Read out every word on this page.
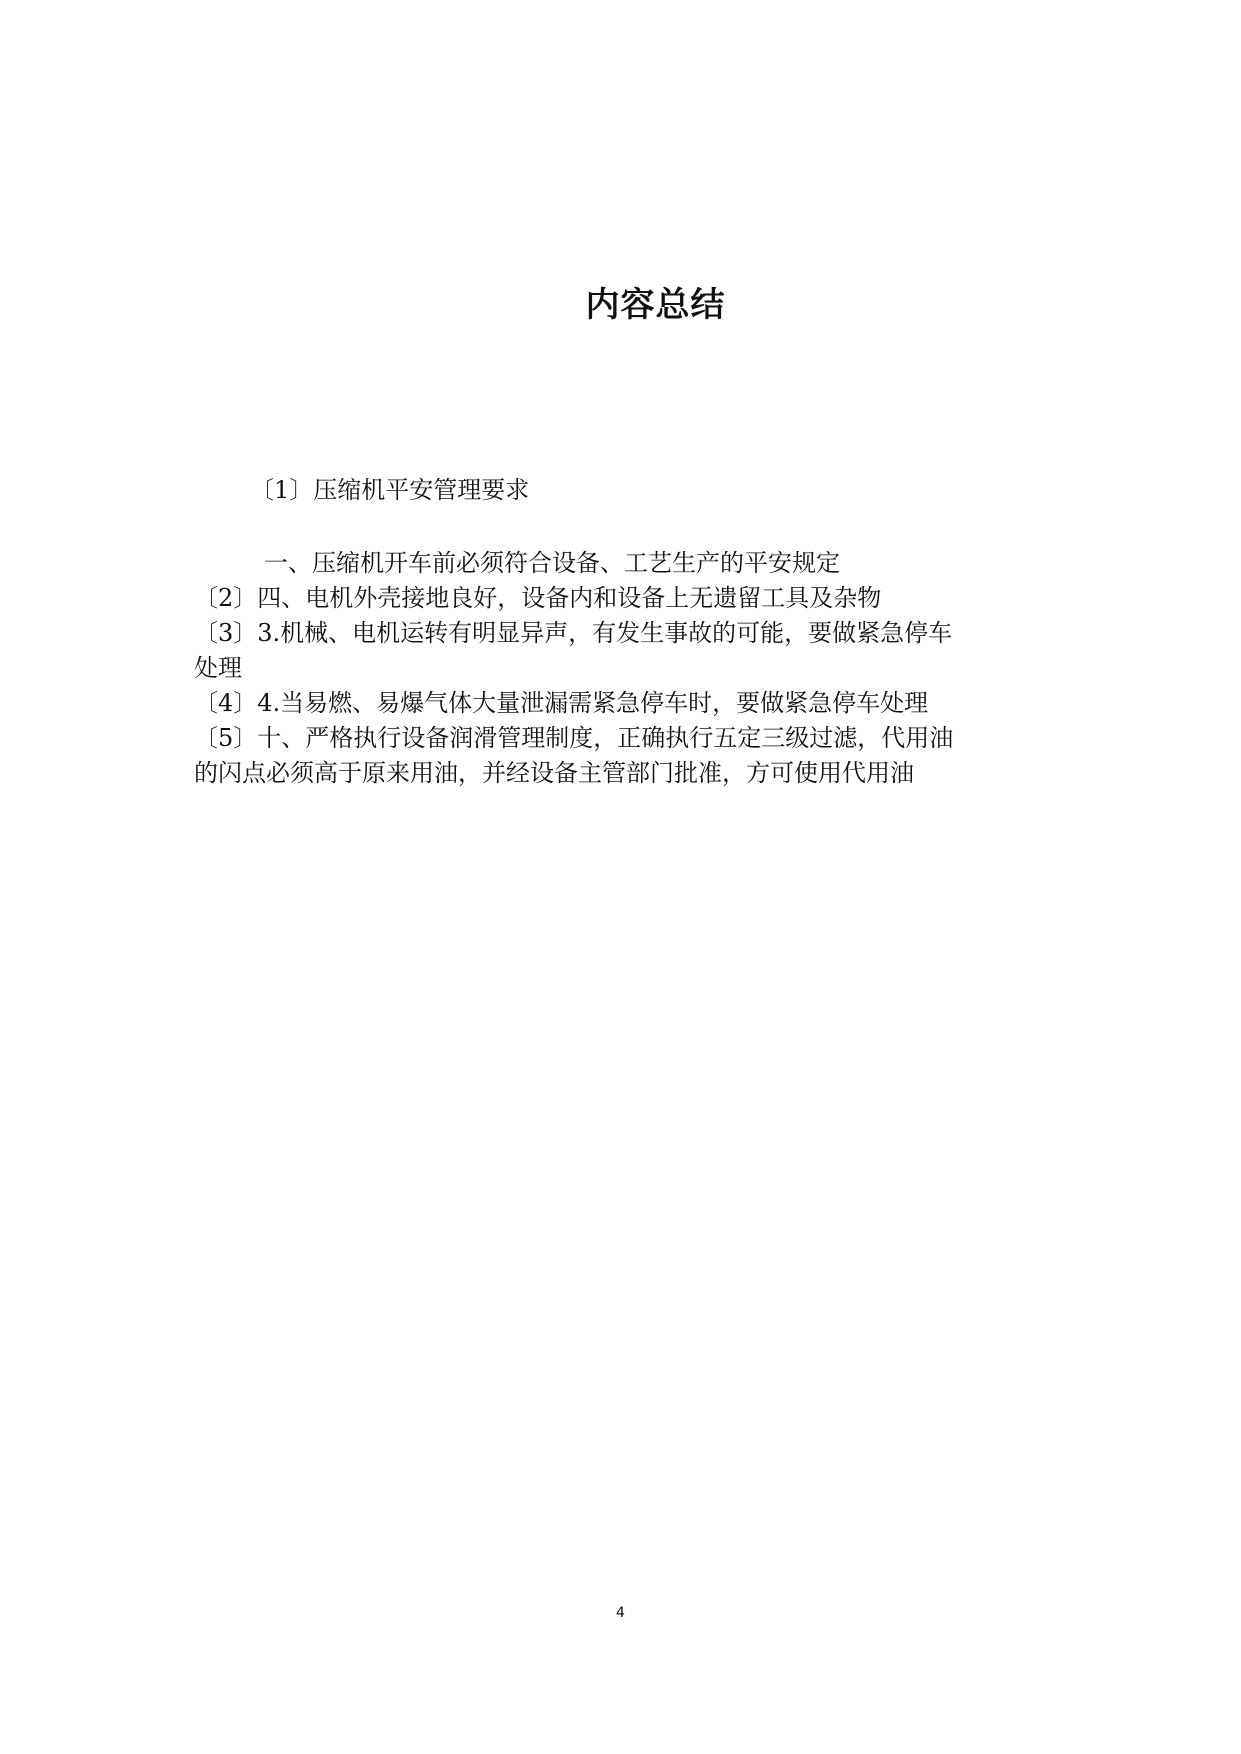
内容总结

〔1〕压缩机平安管理要求

一、压缩机开车前必须符合设备、工艺生产的平安规定

〔2〕四、电机外壳接地良好，设备内和设备上无遗留工具及杂物

〔3〕3.机械、电机运转有明显异声，有发生事故的可能，要做紧急停车

处理

〔4〕4.当易燃、易爆气体大量泄漏需紧急停车时，要做紧急停车处理

〔5〕十、严格执行设备润滑管理制度，正确执行五定三级过滤，代用油

的闪点必须高于原来用油，并经设备主管部门批准，方可使用代用油

4
